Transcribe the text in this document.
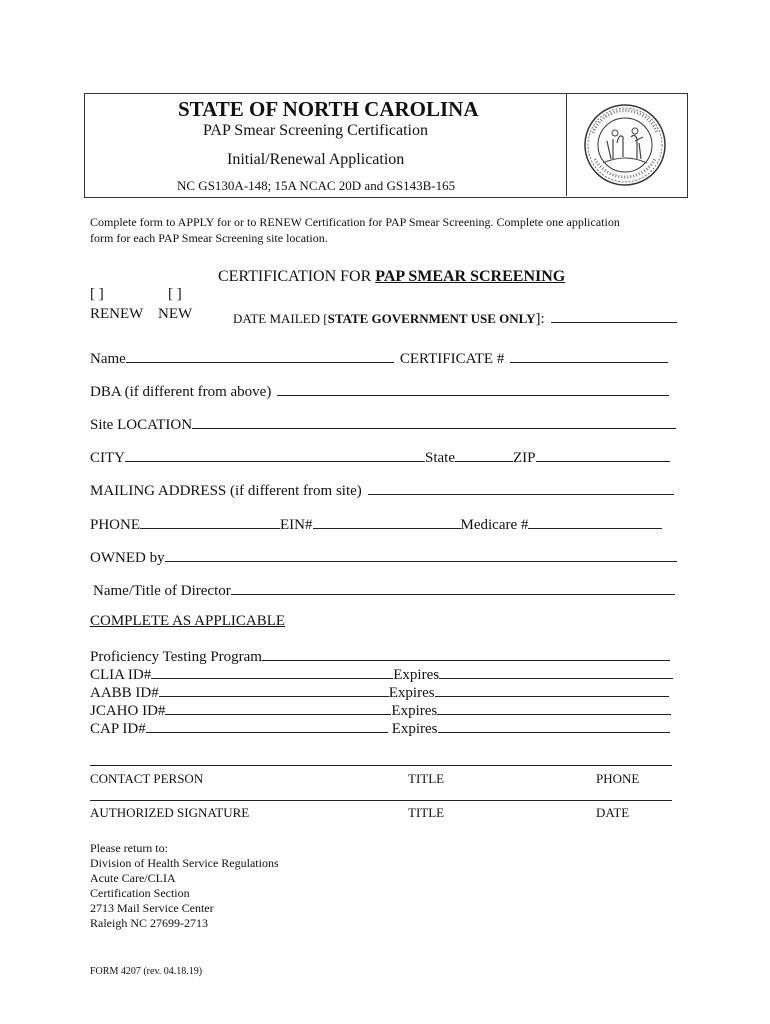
STATE OF NORTH CAROLINA
PAP Smear Screening Certification
Initial/Renewal Application
NC GS130A-148; 15A NCAC 20D and GS143B-165
Complete form to APPLY for or to RENEW Certification for PAP Smear Screening. Complete one application
form for each PAP Smear Screening site location.
CERTIFICATION FOR PAP SMEAR SCREENING
[ ]	[ ]
RENEW NEW	DATE MAILED [ STATE GOVERNMENT USE ONLY ]:
Name	CERTIFICATE #
DBA (if different from above)
Site LOCATION
CITY	State	ZIP
MAILING ADDRESS (if different from site)
PHONE	EIN#	Medicare #
OWNED by
Name/Title of Director
COMPLETE AS APPLICABLE
Proficiency Testing Program
CLIA ID#	Expires
AABB ID#	Expires
JCAHO ID#	Expires
CAP ID#	Expires
CONTACT PERSON	TITLE	PHONE
AUTHORIZED SIGNATURE	TITLE	DATE
Please return to:
Division of Health Service Regulations
Acute Care/CLIA
Certification Section
2713 Mail Service Center
Raleigh NC 27699-2713
FORM 4207 (rev. 04.18.19)
